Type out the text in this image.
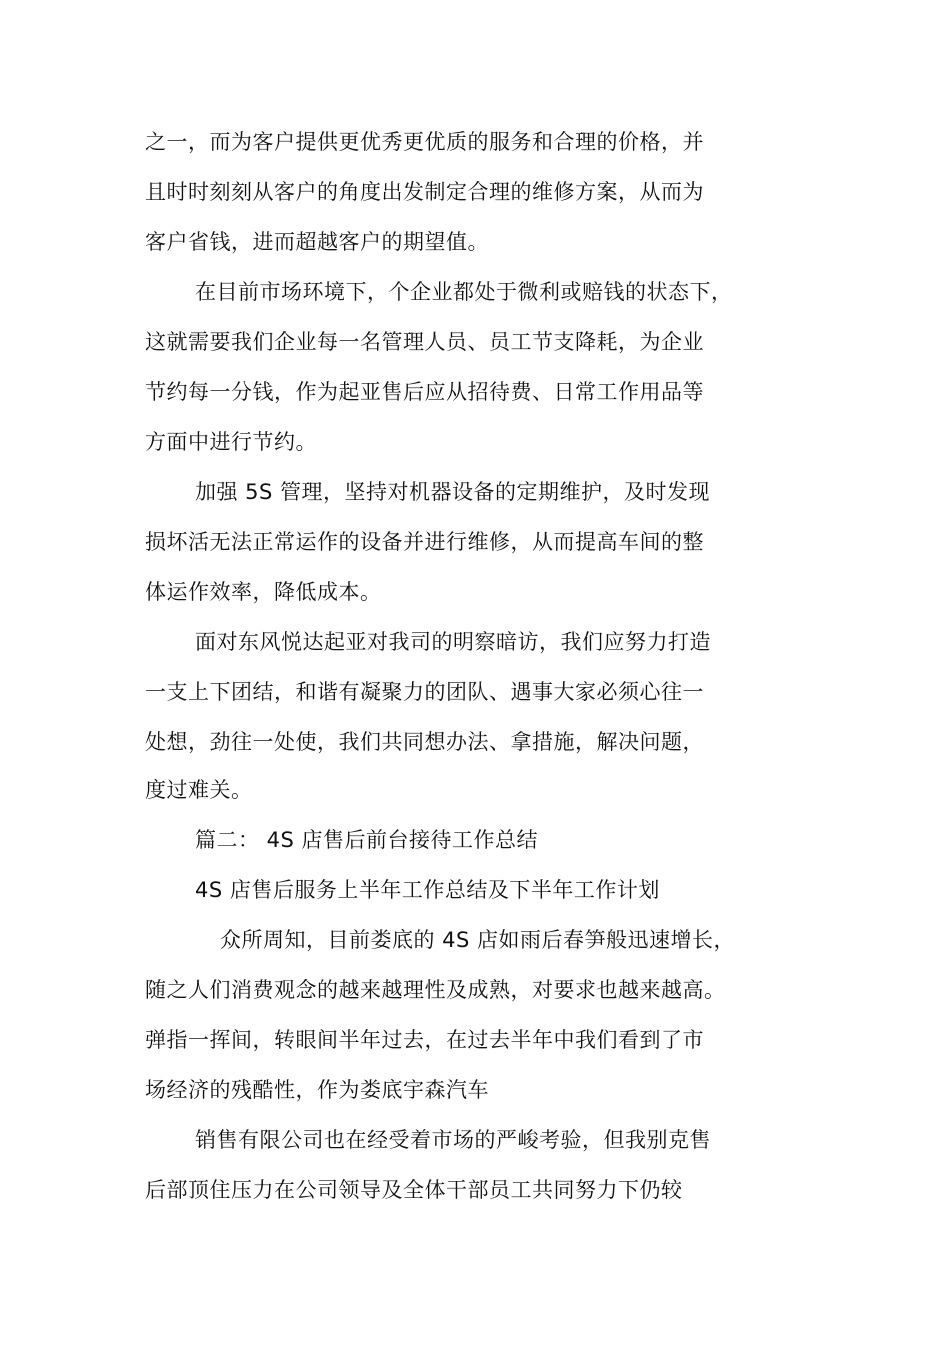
之一，而为客户提供更优秀更优质的服务和合理的价格，并
且时时刻刻从客户的角度出发制定合理的维修方案，从而为
客户省钱，进而超越客户的期望值。
在目前市场环境下，个企业都处于微利或赔钱的状态下，
这就需要我们企业每一名管理人员、员工节支降耗，为企业
节约每一分钱，作为起亚售后应从招待费、日常工作用品等
方面中进行节约。
加强 5S 管理，坚持对机器设备的定期维护，及时发现
损坏活无法正常运作的设备并进行维修，从而提高车间的整
体运作效率，降低成本。
面对东风悦达起亚对我司的明察暗访，我们应努力打造
一支上下团结，和谐有凝聚力的团队、遇事大家必须心往一
处想，劲往一处使，我们共同想办法、拿措施，解决问题，
度过难关。
篇二： 4S 店售后前台接待工作总结
4S 店售后服务上半年工作总结及下半年工作计划
众所周知，目前娄底的 4S 店如雨后春笋般迅速增长，
随之人们消费观念的越来越理性及成熟，对要求也越来越高。
弹指一挥间，转眼间半年过去，在过去半年中我们看到了市
场经济的残酷性，作为娄底宇森汽车
销售有限公司也在经受着市场的严峻考验，但我别克售
后部顶住压力在公司领导及全体干部员工共同努力下仍较
